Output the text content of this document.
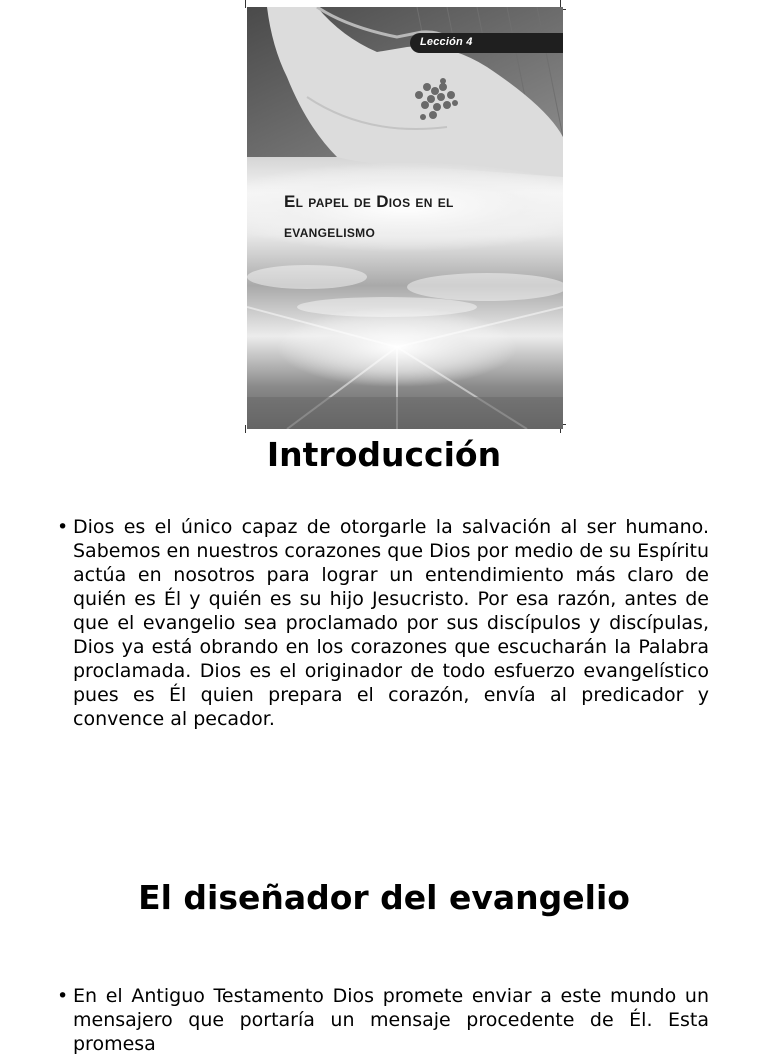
Lección 4
El papel de Dios en el
evangelismo
Introducción
• Dios es el único capaz de otorgarle la salvación al ser humano. Sabemos en nuestros corazones que Dios por medio de su Espíritu actúa en nosotros para lograr un entendimiento más claro de quién es Él y quién es su hijo Jesucristo. Por esa razón, antes de que el evangelio sea proclamado por sus discípulos y discípulas, Dios ya está obrando en los corazones que escucharán la Palabra proclamada. Dios es el originador de todo esfuerzo evangelístico pues es Él quien prepara el corazón, envía al predicador y convence al pecador.

El diseñador del evangelio
• En el Antiguo Testamento Dios promete enviar a este mundo un mensajero que portaría un mensaje procedente de Él. Esta promesa
